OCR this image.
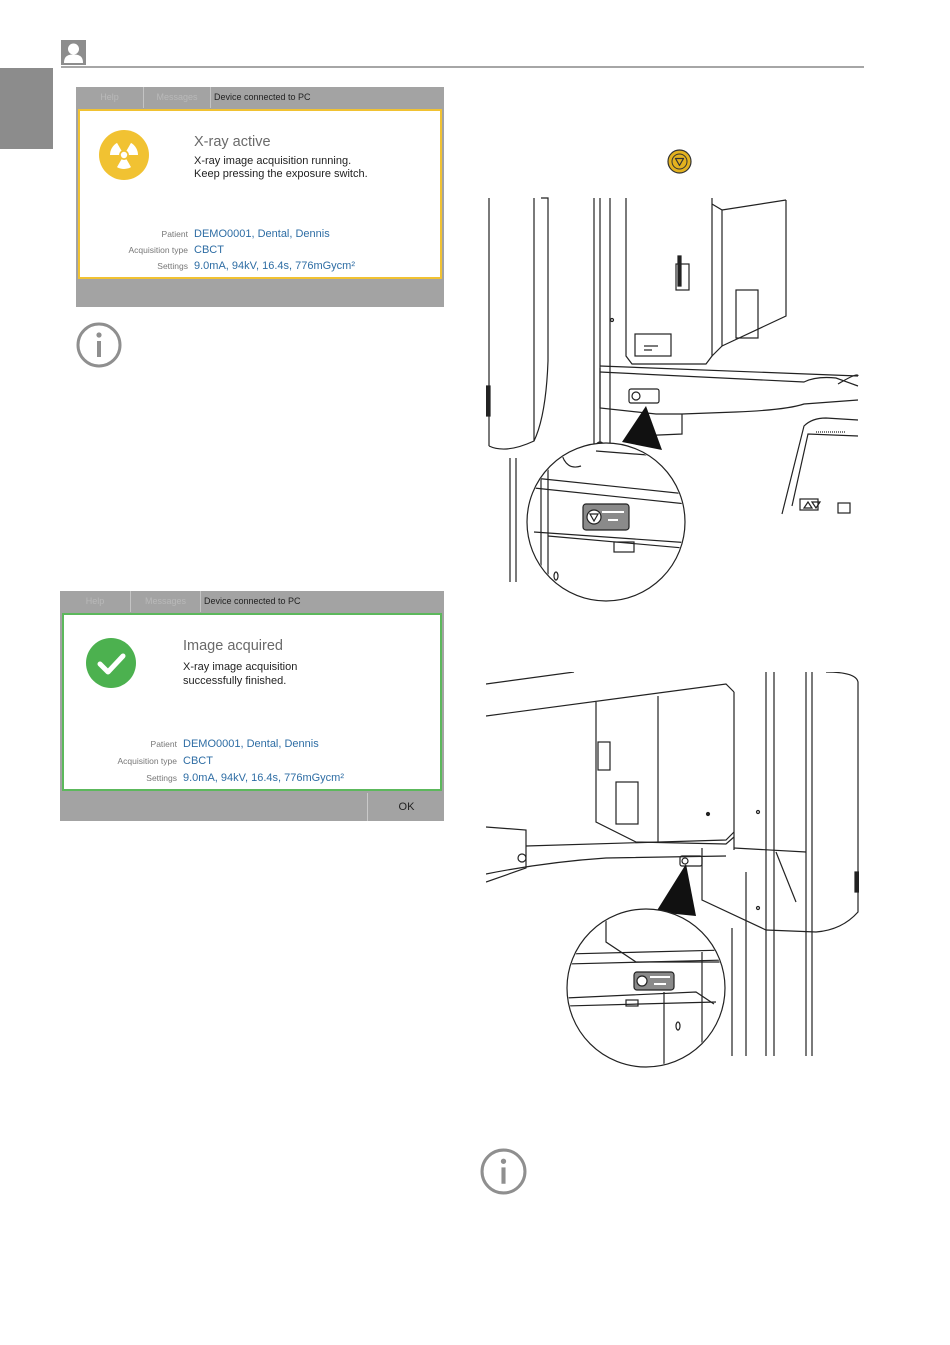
Help	Messages	Device connected to PC
X-ray active
X-ray image acquisition running.
Keep pressing the exposure switch.
Patient DEMO0001, Dental, Dennis
Acquisition type CBCT
Settings 9.0mA, 94kV, 16.4s, 776mGycm²
Help	Messages	Device connected to PC
Image acquired
X-ray image acquisition
successfully finished.
Patient DEMO0001, Dental, Dennis
Acquisition type CBCT
Settings 9.0mA, 94kV, 16.4s, 776mGycm²
OK
